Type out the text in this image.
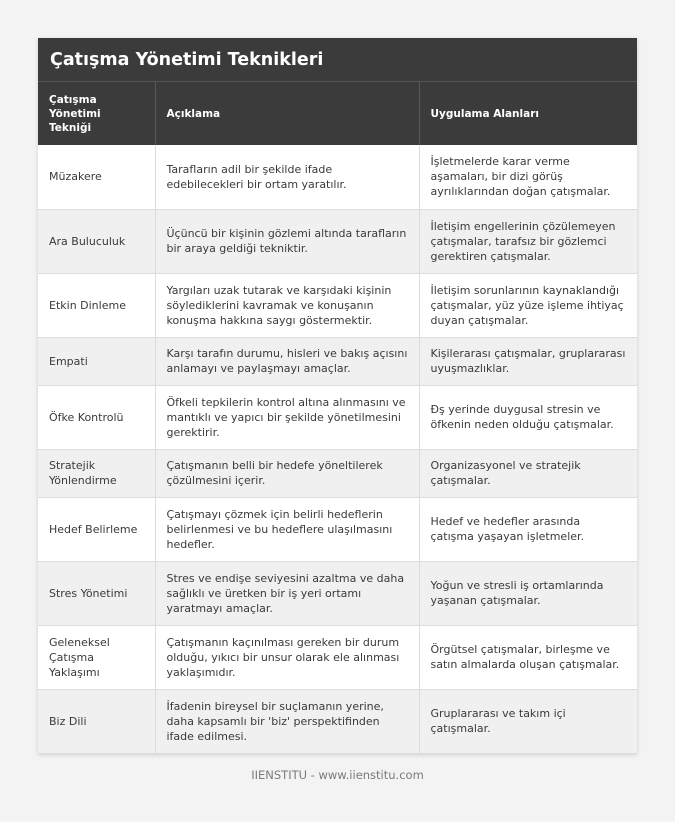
Çatışma Yönetimi Teknikleri
Çatışma Yönetimi Tekniği	Açıklama	Uygulama Alanları
Müzakere	Tarafların adil bir şekilde ifade edebilecekleri bir ortam yaratılır.	İşletmelerde karar verme aşamaları, bir dizi görüş ayrılıklarından doğan çatışmalar.
Ara Buluculuk	Üçüncü bir kişinin gözlemi altında tarafların bir araya geldiği tekniktir.	İletişim engellerinin çözülemeyen çatışmalar, tarafsız bir gözlemci gerektiren çatışmalar.
Etkin Dinleme	Yargıları uzak tutarak ve karşıdaki kişinin söylediklerini kavramak ve konuşanın konuşma hakkına saygı göstermektir.	İletişim sorunlarının kaynaklandığı çatışmalar, yüz yüze işleme ihtiyaç duyan çatışmalar.
Empati	Karşı tarafın durumu, hisleri ve bakış açısını anlamayı ve paylaşmayı amaçlar.	Kişilerarası çatışmalar, gruplararası uyuşmazlıklar.
Öfke Kontrolü	Öfkeli tepkilerin kontrol altına alınmasını ve mantıklı ve yapıcı bir şekilde yönetilmesini gerektirir.	Đş yerinde duygusal stresin ve öfkenin neden olduğu çatışmalar.
Stratejik Yönlendirme	Çatışmanın belli bir hedefe yöneltilerek çözülmesini içerir.	Organizasyonel ve stratejik çatışmalar.
Hedef Belirleme	Çatışmayı çözmek için belirli hedeflerin belirlenmesi ve bu hedeflere ulaşılmasını hedefler.	Hedef ve hedefler arasında çatışma yaşayan işletmeler.
Stres Yönetimi	Stres ve endişe seviyesini azaltma ve daha sağlıklı ve üretken bir iş yeri ortamı yaratmayı amaçlar.	Yoğun ve stresli iş ortamlarında yaşanan çatışmalar.
Geleneksel Çatışma Yaklaşımı	Çatışmanın kaçınılması gereken bir durum olduğu, yıkıcı bir unsur olarak ele alınması yaklaşımıdır.	Örgütsel çatışmalar, birleşme ve satın almalarda oluşan çatışmalar.
Biz Dili	İfadenin bireysel bir suçlamanın yerine, daha kapsamlı bir 'biz' perspektifinden ifade edilmesi.	Gruplararası ve takım içi çatışmalar.
IIENSTITU - www.iienstitu.com
